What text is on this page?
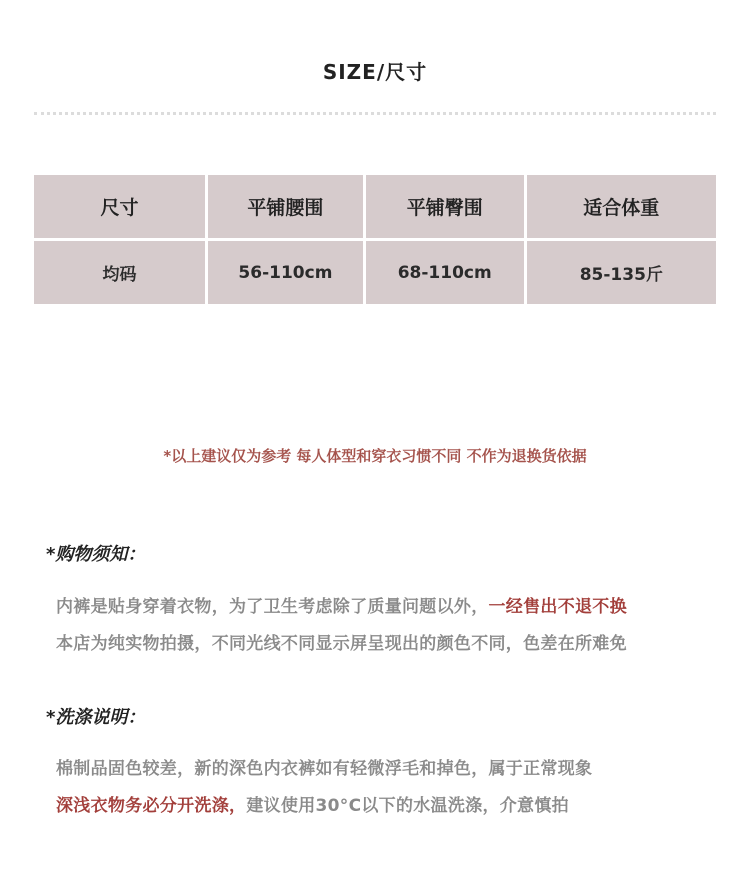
SIZE/尺寸
尺寸	平铺腰围	平铺臀围	适合体重
均码	56-110cm	68-110cm	85-135斤
*以上建议仅为参考 每人体型和穿衣习惯不同 不作为退换货依据
*购物须知：
内裤是贴身穿着衣物，为了卫生考虑除了质量问题以外，一经售出不退不换
本店为纯实物拍摄，不同光线不同显示屏呈现出的颜色不同，色差在所难免
*洗涤说明：
棉制品固色较差，新的深色内衣裤如有轻微浮毛和掉色，属于正常现象
深浅衣物务必分开洗涤，建议使用30°C以下的水温洗涤，介意慎拍
